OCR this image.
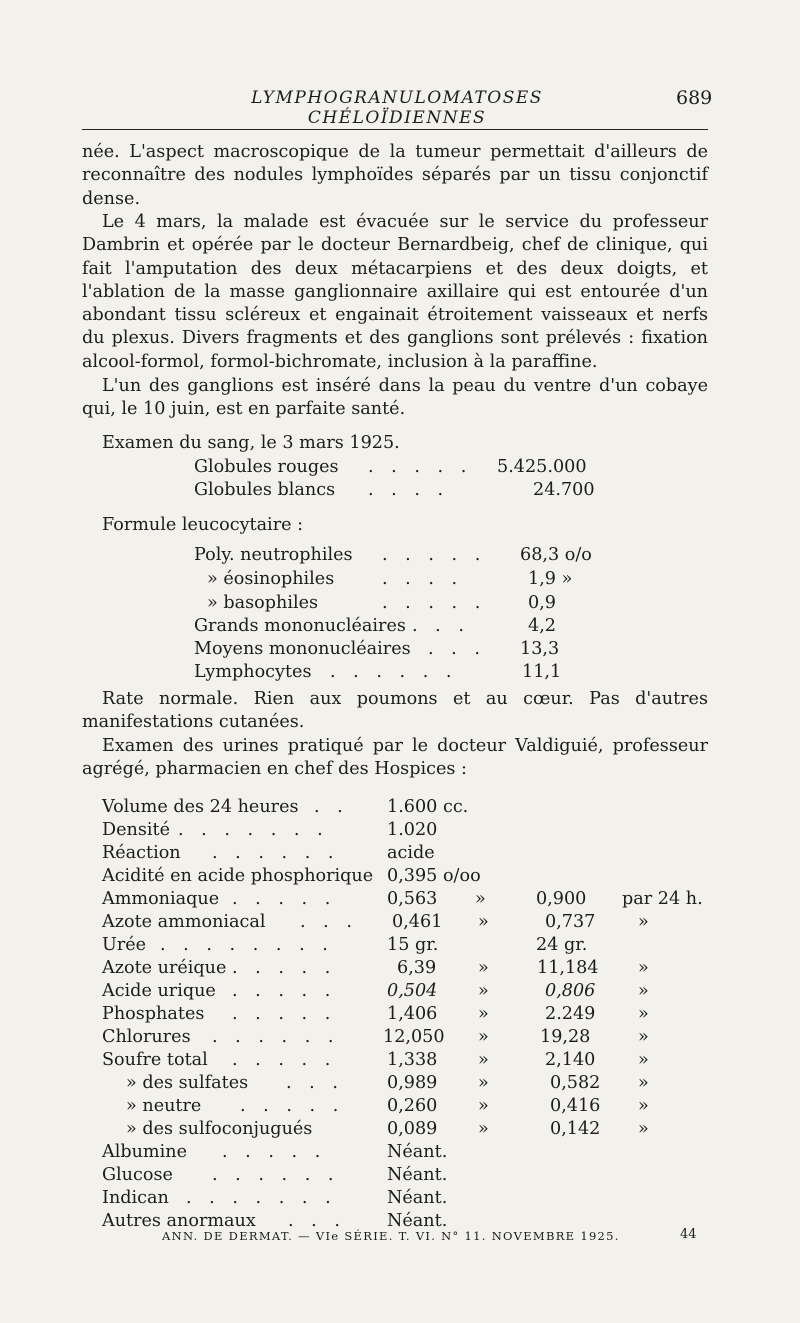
LYMPHOGRANULOMATOSES CHÉLOÏDIENNES
689

née. L'aspect macroscopique de la tumeur permettait d'ailleurs de reconnaître des nodules lymphoïdes séparés par un tissu conjonctif dense.

Le 4 mars, la malade est évacuée sur le service du professeur Dambrin et opérée par le docteur Bernardbeig, chef de clinique, qui fait l'amputation des deux métacarpiens et des deux doigts, et l'ablation de la masse ganglionnaire axillaire qui est entourée d'un abondant tissu scléreux et engainait étroitement vaisseaux et nerfs du plexus. Divers fragments et des ganglions sont prélevés : fixation alcool-formol, formol-bichromate, inclusion à la paraffine.

L'un des ganglions est inséré dans la peau du ventre d'un cobaye qui, le 10 juin, est en parfaite santé.

Examen du sang, le 3 mars 1925.
Globules rouges . . . . . 5.425.000
Globules blancs . . . .	24.700
Formule leucocytaire :
Poly. neutrophiles . . . . . 68,3 o/o
» éosinophiles	. . . .	1,9 »
» basophiles	. . . . . 0,9
Grands mononucléaires . . .	4,2
Moyens mononucléaires . . . 13,3
Lymphocytes . . . . . .	11,1

Rate normale. Rien aux poumons et au cœur. Pas d'autres manifestations cutanées.

Examen des urines pratiqué par le docteur Valdiguié, professeur agrégé, pharmacien en chef des Hospices :

Volume des 24 heures . . 1.600 cc.
Densité . . . . . . .	1.020
Réaction . . . . . .	acide
Acidité en acide phosphorique 0,395 o/oo
Ammoniaque . . . . .	0,563 »	0,900 par 24 h.
Azote ammoniacal . . . 0,461 »	0,737 »
Urée . . . . . . . .	15 gr.	24 gr.
Azote uréique . . . . .	6,39 »	11,184 »
Acide urique . . . . .	0,504 »	0,806 »
Phosphates . . . . .	1,406 »	2.249 »
Chlorures . . . . . . 12,050 »	19,28	»
Soufre total . . . . .	1,338 »	2,140 »
» des sulfates . . . 0,989 »	0,582 »
» neutre . . . . . 0,260 »	0,416 »
» des sulfoconjugués	0,089 »	0,142 »
Albumine . . . . .	Néant.
Glucose . . . . . .	Néant.
Indican . . . . . . .	Néant.
Autres anormaux . . . Néant.
ANN. DE DERMAT. — VIe SÉRIE. T. VI. N° 11. NOVEMBRE 1925.	44
